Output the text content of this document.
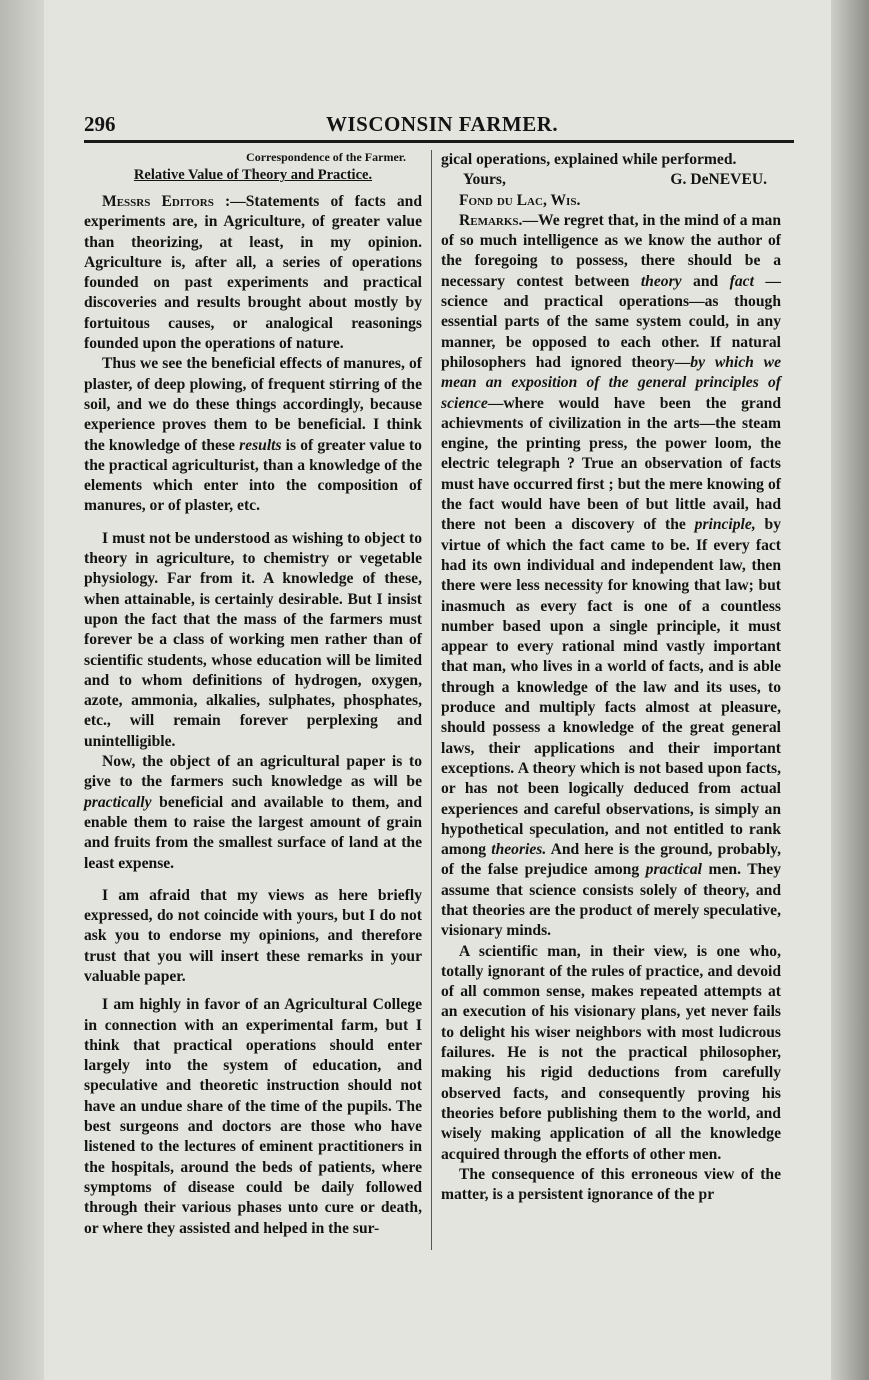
296	WISCONSIN FARMER.
Correspondence of the Farmer.
Relative Value of Theory and Practice.

Messrs Editors :—Statements of facts and experiments are, in Agriculture, of greater value than theorizing, at least, in my opinion. Agriculture is, after all, a series of operations founded on past experiments and practical discoveries and results brought about mostly by fortuitous causes, or analogical reasonings founded upon the operations of nature.

Thus we see the beneficial effects of manures, of plaster, of deep plowing, of frequent stirring of the soil, and we do these things accordingly, because experience proves them to be beneficial. I think the knowledge of these results is of greater value to the practical agriculturist, than a knowledge of the elements which enter into the composition of manures, or of plaster, etc.

I must not be understood as wishing to object to theory in agriculture, to chemistry or vegetable physiology. Far from it. A knowledge of these, when attainable, is certainly desirable. But I insist upon the fact that the mass of the farmers must forever be a class of working men rather than of scientific students, whose education will be limited and to whom definitions of hydrogen, oxygen, azote, ammonia, alkalies, sulphates, phosphates, etc., will remain forever perplexing and unintelligible.

Now, the object of an agricultural paper is to give to the farmers such knowledge as will be practically beneficial and available to them, and enable them to raise the largest amount of grain and fruits from the smallest surface of land at the least expense.

I am afraid that my views as here briefly expressed, do not coincide with yours, but I do not ask you to endorse my opinions, and therefore trust that you will insert these remarks in your valuable paper.

I am highly in favor of an Agricultural College in connection with an experimental farm, but I think that practical operations should enter largely into the system of education, and speculative and theoretic instruction should not have an undue share of the time of the pupils. The best surgeons and doctors are those who have listened to the lectures of eminent practitioners in the hospitals, around the beds of patients, where symptoms of disease could be daily followed through their various phases unto cure or death, or where they assisted and helped in the sur-

gical operations, explained while performed.

Yours,	G. DeNEVEU.
Fond du Lac, Wis.

Remarks.—We regret that, in the mind of a man of so much intelligence as we know the author of the foregoing to possess, there should be a necessary contest between theory and fact —science and practical operations—as though essential parts of the same system could, in any manner, be opposed to each other. If natural philosophers had ignored theory—by which we mean an exposition of the general principles of science—where would have been the grand achievments of civilization in the arts—the steam engine, the printing press, the power loom, the electric telegraph ? True an observation of facts must have occurred first ; but the mere knowing of the fact would have been of but little avail, had there not been a discovery of the principle, by virtue of which the fact came to be. If every fact had its own individual and independent law, then there were less necessity for knowing that law; but inasmuch as every fact is one of a countless number based upon a single principle, it must appear to every rational mind vastly important that man, who lives in a world of facts, and is able through a knowledge of the law and its uses, to produce and multiply facts almost at pleasure, should possess a knowledge of the great general laws, their applications and their important exceptions. A theory which is not based upon facts, or has not been logically deduced from actual experiences and careful observations, is simply an hypothetical speculation, and not entitled to rank among theories. And here is the ground, probably, of the false prejudice among practical men. They assume that science consists solely of theory, and that theories are the product of merely speculative, visionary minds.

A scientific man, in their view, is one who, totally ignorant of the rules of practice, and devoid of all common sense, makes repeated attempts at an execution of his visionary plans, yet never fails to delight his wiser neighbors with most ludicrous failures. He is not the practical philosopher, making his rigid deductions from carefully observed facts, and consequently proving his theories before publishing them to the world, and wisely making application of all the knowledge acquired through the efforts of other men.

The consequence of this erroneous view of the matter, is a persistent ignorance of the pr
